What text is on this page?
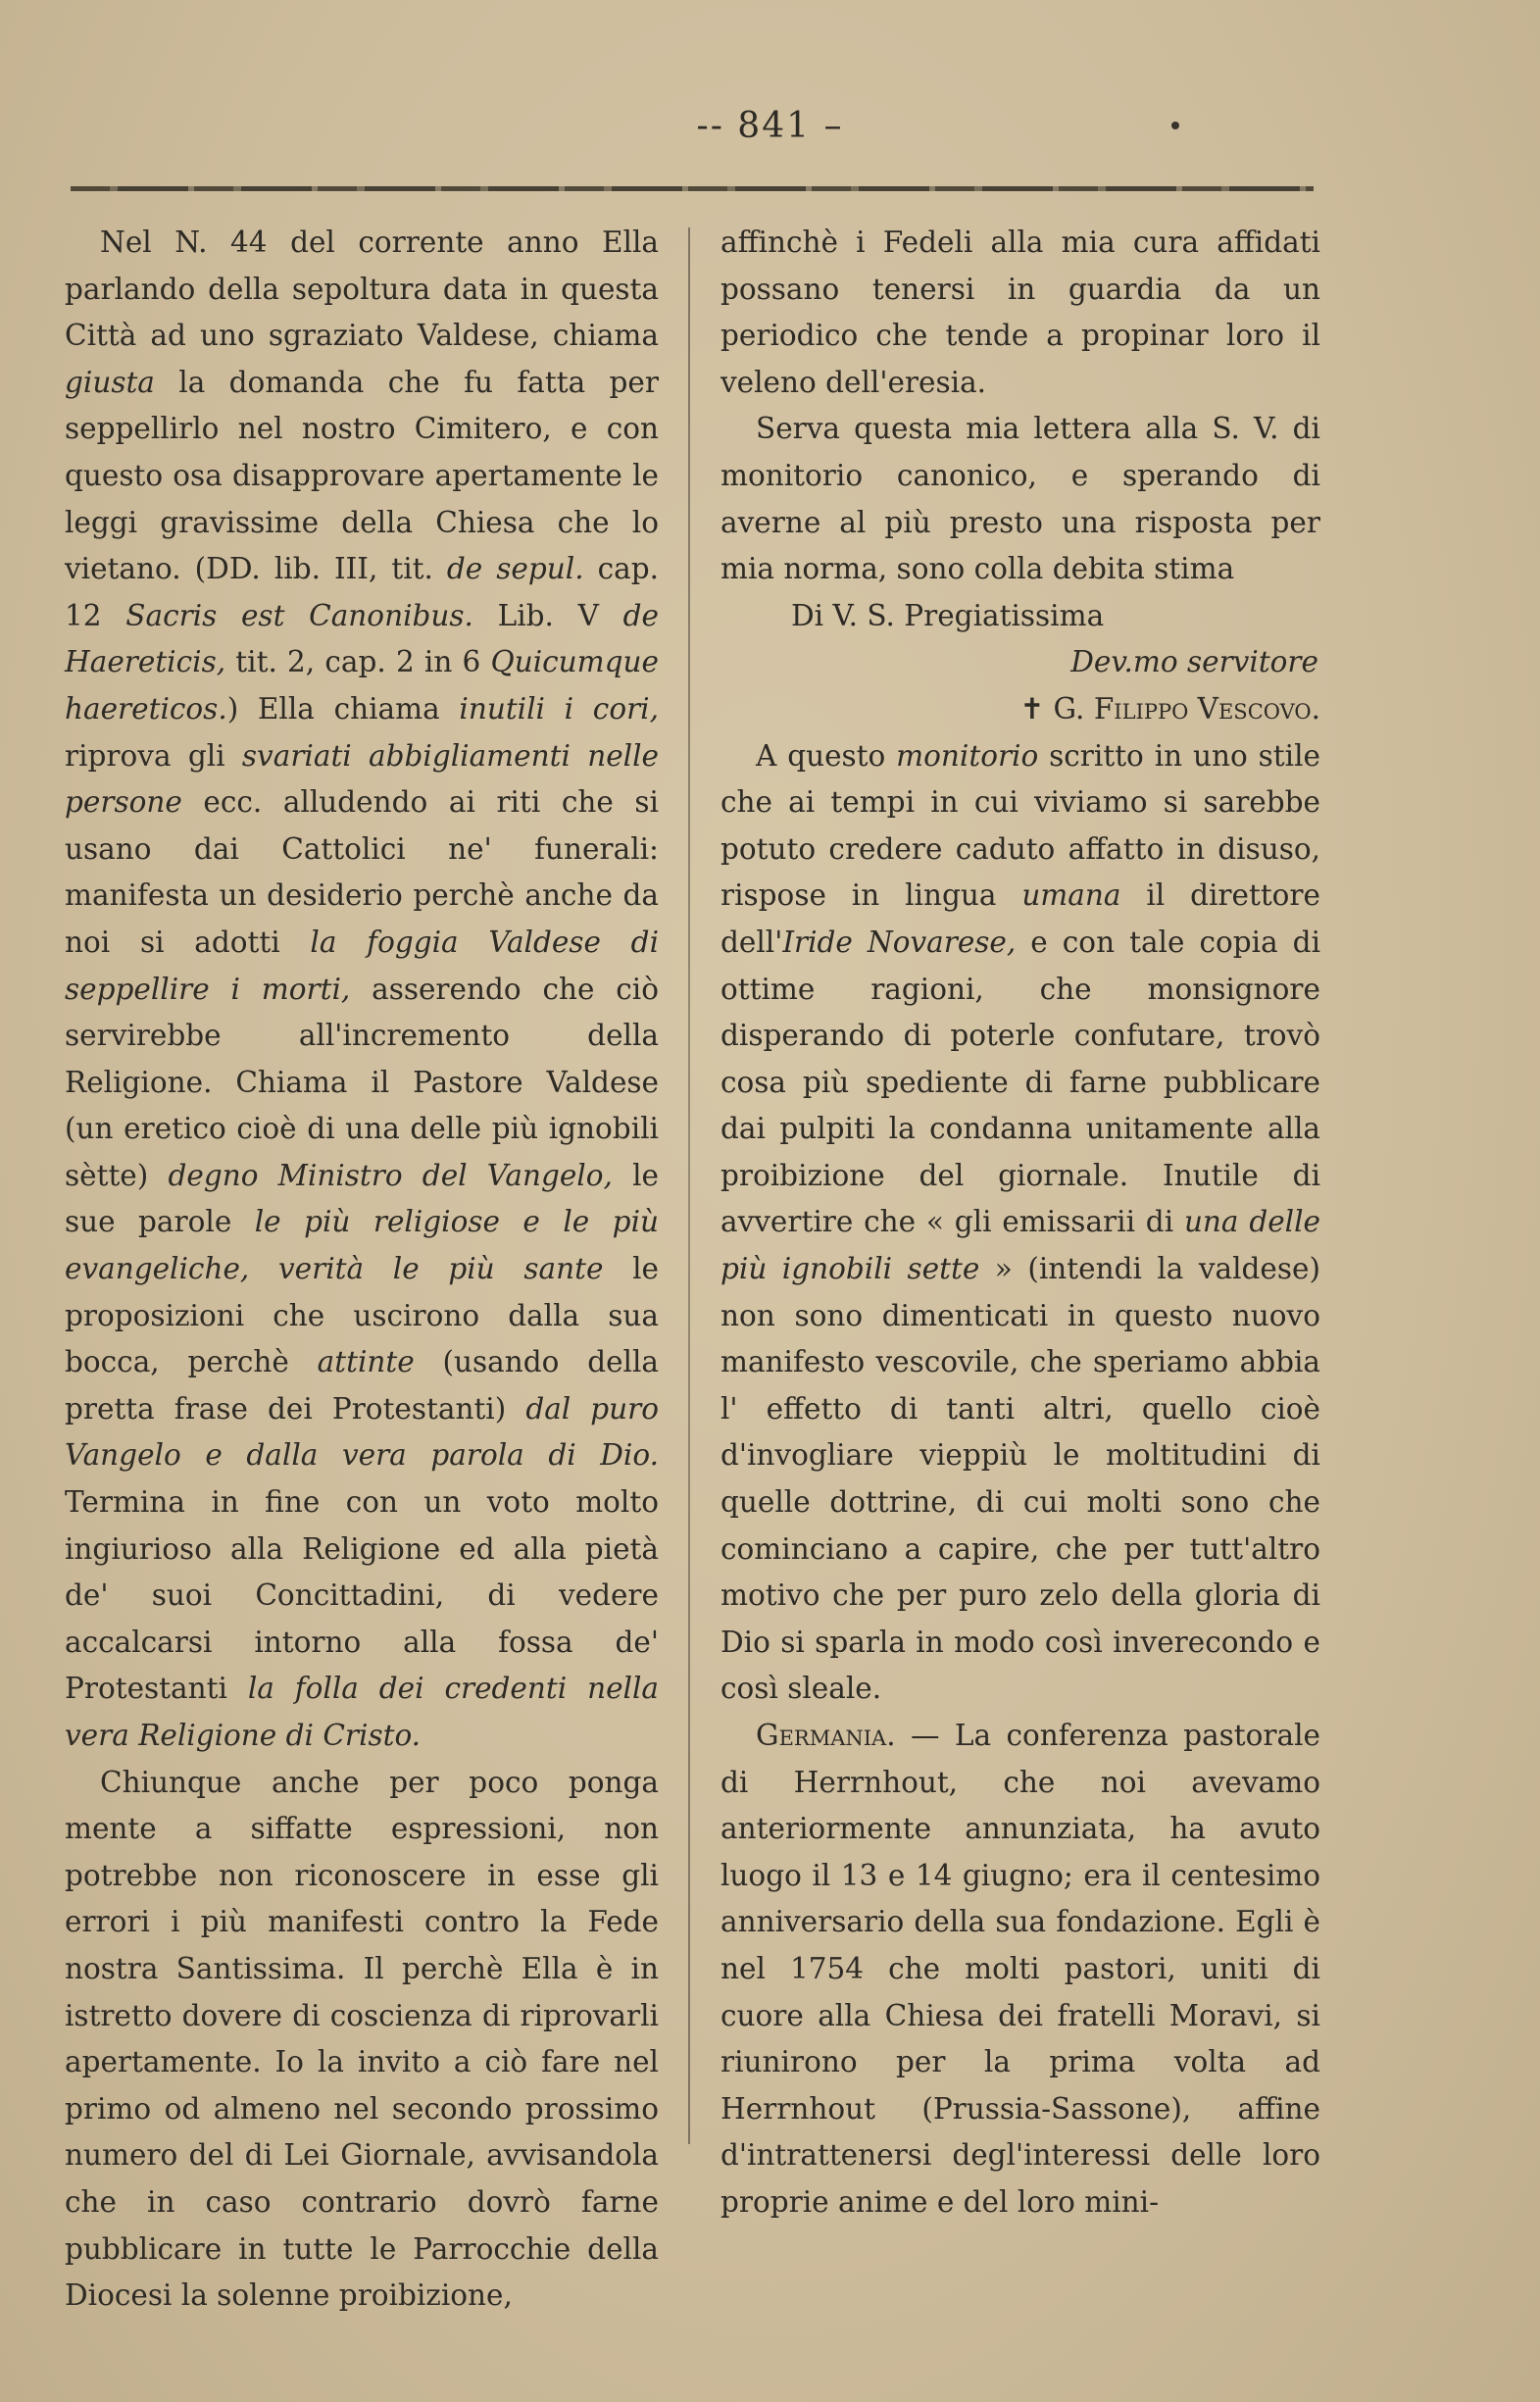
-- 841 –

Nel N. 44 del corrente anno Ella parlando della sepoltura data in questa Città ad uno sgraziato Valdese, chiama giusta la domanda che fu fatta per seppellirlo nel nostro Cimitero, e con questo osa disapprovare apertamente le leggi gravissime della Chiesa che lo vietano. (DD. lib. III, tit. de sepul. cap. 12 Sacris est Canonibus. Lib. V de Haereticis, tit. 2, cap. 2 in 6 Quicumque haereticos.) Ella chiama inutili i cori, riprova gli svariati abbigliamenti nelle persone ecc. alludendo ai riti che si usano dai Cattolici ne' funerali: manifesta un desiderio perchè anche da noi si adotti la foggia Valdese di seppellire i morti, asserendo che ciò servirebbe all'incremento della Religione. Chiama il Pastore Valdese (un eretico cioè di una delle più ignobili sètte) degno Ministro del Vangelo, le sue parole le più religiose e le più evangeliche, verità le più sante le proposizioni che uscirono dalla sua bocca, perchè attinte (usando della pretta frase dei Protestanti) dal puro Vangelo e dalla vera parola di Dio. Termina in fine con un voto molto ingiurioso alla Religione ed alla pietà de' suoi Concittadini, di vedere accalcarsi intorno alla fossa de' Protestanti la folla dei credenti nella vera Religione di Cristo.

Chiunque anche per poco ponga mente a siffatte espressioni, non potrebbe non riconoscere in esse gli errori i più manifesti contro la Fede nostra Santissima. Il perchè Ella è in istretto dovere di coscienza di riprovarli apertamente. Io la invito a ciò fare nel primo od almeno nel secondo prossimo numero del di Lei Giornale, avvisandola che in caso contrario dovrò farne pubblicare in tutte le Parrocchie della Diocesi la solenne proibizione,

affinchè i Fedeli alla mia cura affidati possano tenersi in guardia da un periodico che tende a propinar loro il veleno dell'eresia.

Serva questa mia lettera alla S. V. di monitorio canonico, e sperando di averne al più presto una risposta per mia norma, sono colla debita stima

Di V. S. Pregiatissima

Dev.mo servitore

✝ G. Filippo Vescovo.

A questo monitorio scritto in uno stile che ai tempi in cui viviamo si sarebbe potuto credere caduto affatto in disuso, rispose in lingua umana il direttore dell'Iride Novarese, e con tale copia di ottime ragioni, che monsignore disperando di poterle confutare, trovò cosa più spediente di farne pubblicare dai pulpiti la condanna unitamente alla proibizione del giornale. Inutile di avvertire che « gli emissarii di una delle più ignobili sette » (intendi la valdese) non sono dimenticati in questo nuovo manifesto vescovile, che speriamo abbia l' effetto di tanti altri, quello cioè d'invogliare vieppiù le moltitudini di quelle dottrine, di cui molti sono che cominciano a capire, che per tutt'altro motivo che per puro zelo della gloria di Dio si sparla in modo così inverecondo e così sleale.

Germania. — La conferenza pastorale di Herrnhout, che noi avevamo anteriormente annunziata, ha avuto luogo il 13 e 14 giugno; era il centesimo anniversario della sua fondazione. Egli è nel 1754 che molti pastori, uniti di cuore alla Chiesa dei fratelli Moravi, si riunirono per la prima volta ad Herrnhout (Prussia-Sassone), affine d'intrattenersi degl'interessi delle loro proprie anime e del loro mini-
